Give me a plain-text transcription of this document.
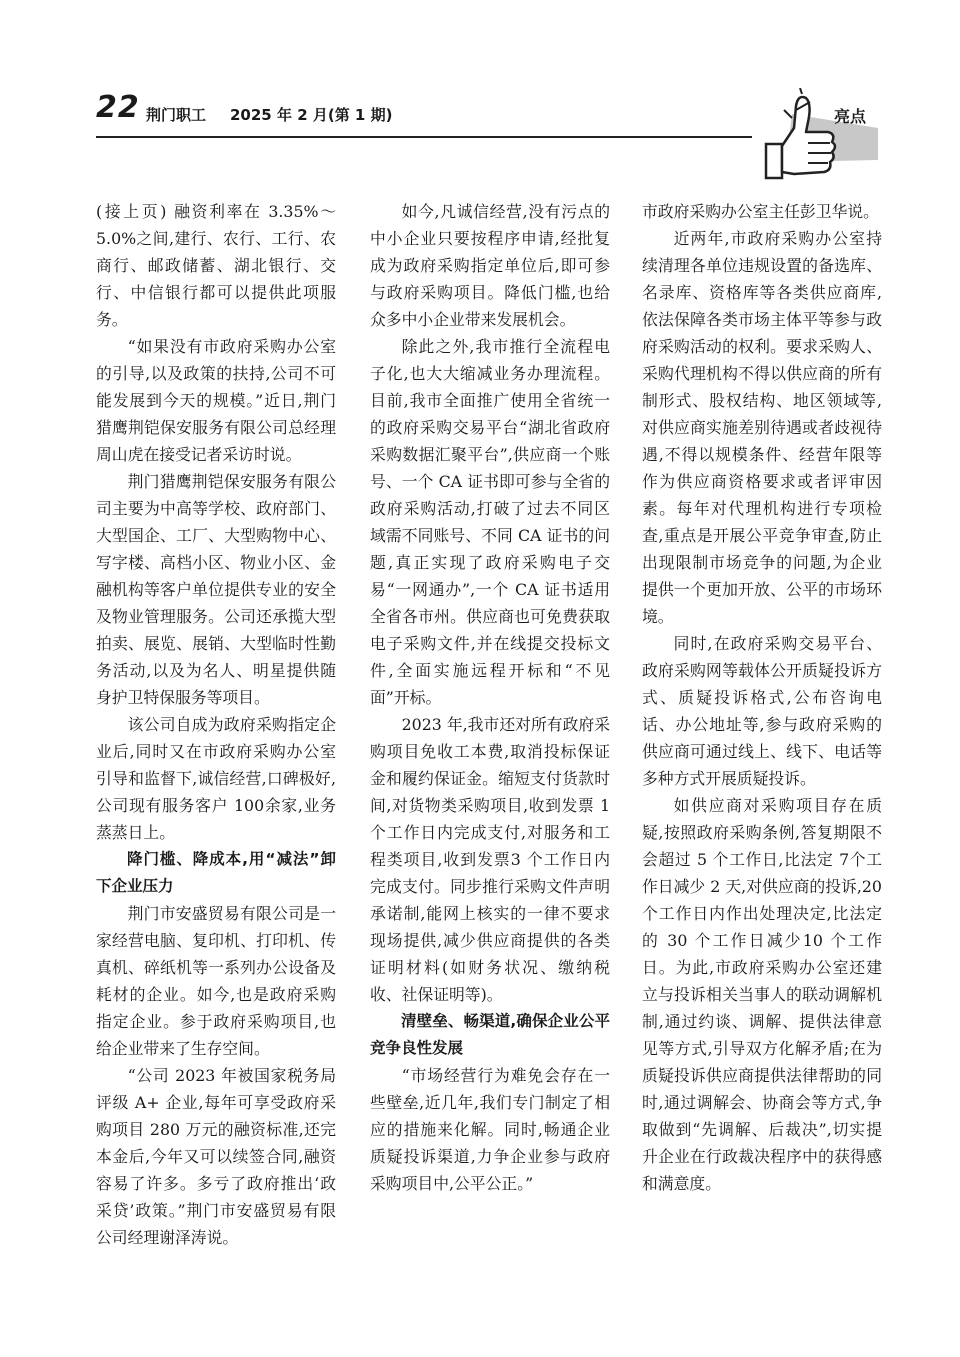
22 荆门职工 2025 年 2 月(第 1 期)	亮点

(接上页) 融资利率在 3.35%～5.0%之间,建行、农行、工行、农商行、邮政储蓄、湖北银行、交行、中信银行都可以提供此项服务。

“如果没有市政府采购办公室的引导,以及政策的扶持,公司不可能发展到今天的规模。”近日,荆门猎鹰荆铠保安服务有限公司总经理周山虎在接受记者采访时说。

荆门猎鹰荆铠保安服务有限公司主要为中高等学校、政府部门、大型国企、工厂、大型购物中心、写字楼、高档小区、物业小区、金融机构等客户单位提供专业的安全及物业管理服务。公司还承揽大型拍卖、展览、展销、大型临时性勤务活动,以及为名人、明星提供随身护卫特保服务等项目。

该公司自成为政府采购指定企业后,同时又在市政府采购办公室引导和监督下,诚信经营,口碑极好,公司现有服务客户 100余家,业务蒸蒸日上。

降门槛、降成本,用“减法”卸下企业压力

荆门市安盛贸易有限公司是一家经营电脑、复印机、打印机、传真机、碎纸机等一系列办公设备及耗材的企业。如今,也是政府采购指定企业。参于政府采购项目,也给企业带来了生存空间。

“公司 2023 年被国家税务局评级 A+ 企业,每年可享受政府采购项目 280 万元的融资标准,还完本金后,今年又可以续签合同,融资容易了许多。多亏了政府推出‘政采贷’政策。”荆门市安盛贸易有限公司经理谢泽涛说。

如今,凡诚信经营,没有污点的中小企业只要按程序申请,经批复成为政府采购指定单位后,即可参与政府采购项目。降低门槛,也给众多中小企业带来发展机会。

除此之外,我市推行全流程电子化,也大大缩减业务办理流程。目前,我市全面推广使用全省统一的政府采购交易平台“湖北省政府采购数据汇聚平台”,供应商一个账号、一个 CA 证书即可参与全省的政府采购活动,打破了过去不同区域需不同账号、不同 CA 证书的问题,真正实现了政府采购电子交易“一网通办”,一个 CA 证书适用全省各市州。供应商也可免费获取电子采购文件,并在线提交投标文件,全面实施远程开标和“不见面”开标。

2023 年,我市还对所有政府采购项目免收工本费,取消投标保证金和履约保证金。缩短支付货款时间,对货物类采购项目,收到发票 1 个工作日内完成支付,对服务和工程类项目,收到发票3 个工作日内完成支付。同步推行采购文件声明承诺制,能网上核实的一律不要求现场提供,减少供应商提供的各类证明材料(如财务状况、缴纳税收、社保证明等)。

清壁垒、畅渠道,确保企业公平竞争良性发展

“市场经营行为难免会存在一些壁垒,近几年,我们专门制定了相应的措施来化解。同时,畅通企业质疑投诉渠道,力争企业参与政府采购项目中,公平公正。”

市政府采购办公室主任彭卫华说。

近两年,市政府采购办公室持续清理各单位违规设置的备选库、名录库、资格库等各类供应商库,依法保障各类市场主体平等参与政府采购活动的权利。要求采购人、采购代理机构不得以供应商的所有制形式、股权结构、地区领域等,对供应商实施差别待遇或者歧视待遇,不得以规模条件、经营年限等作为供应商资格要求或者评审因素。每年对代理机构进行专项检查,重点是开展公平竞争审查,防止出现限制市场竞争的问题,为企业提供一个更加开放、公平的市场环境。

同时,在政府采购交易平台、政府采购网等载体公开质疑投诉方式、质疑投诉格式,公布咨询电话、办公地址等,参与政府采购的供应商可通过线上、线下、电话等多种方式开展质疑投诉。

如供应商对采购项目存在质疑,按照政府采购条例,答复期限不会超过 5 个工作日,比法定 7个工作日减少 2 天,对供应商的投诉,20 个工作日内作出处理决定,比法定的 30 个工作日减少10 个工作日。为此,市政府采购办公室还建立与投诉相关当事人的联动调解机制,通过约谈、调解、提供法律意见等方式,引导双方化解矛盾;在为质疑投诉供应商提供法律帮助的同时,通过调解会、协商会等方式,争取做到“先调解、后裁决”,切实提升企业在行政裁决程序中的获得感和满意度。
